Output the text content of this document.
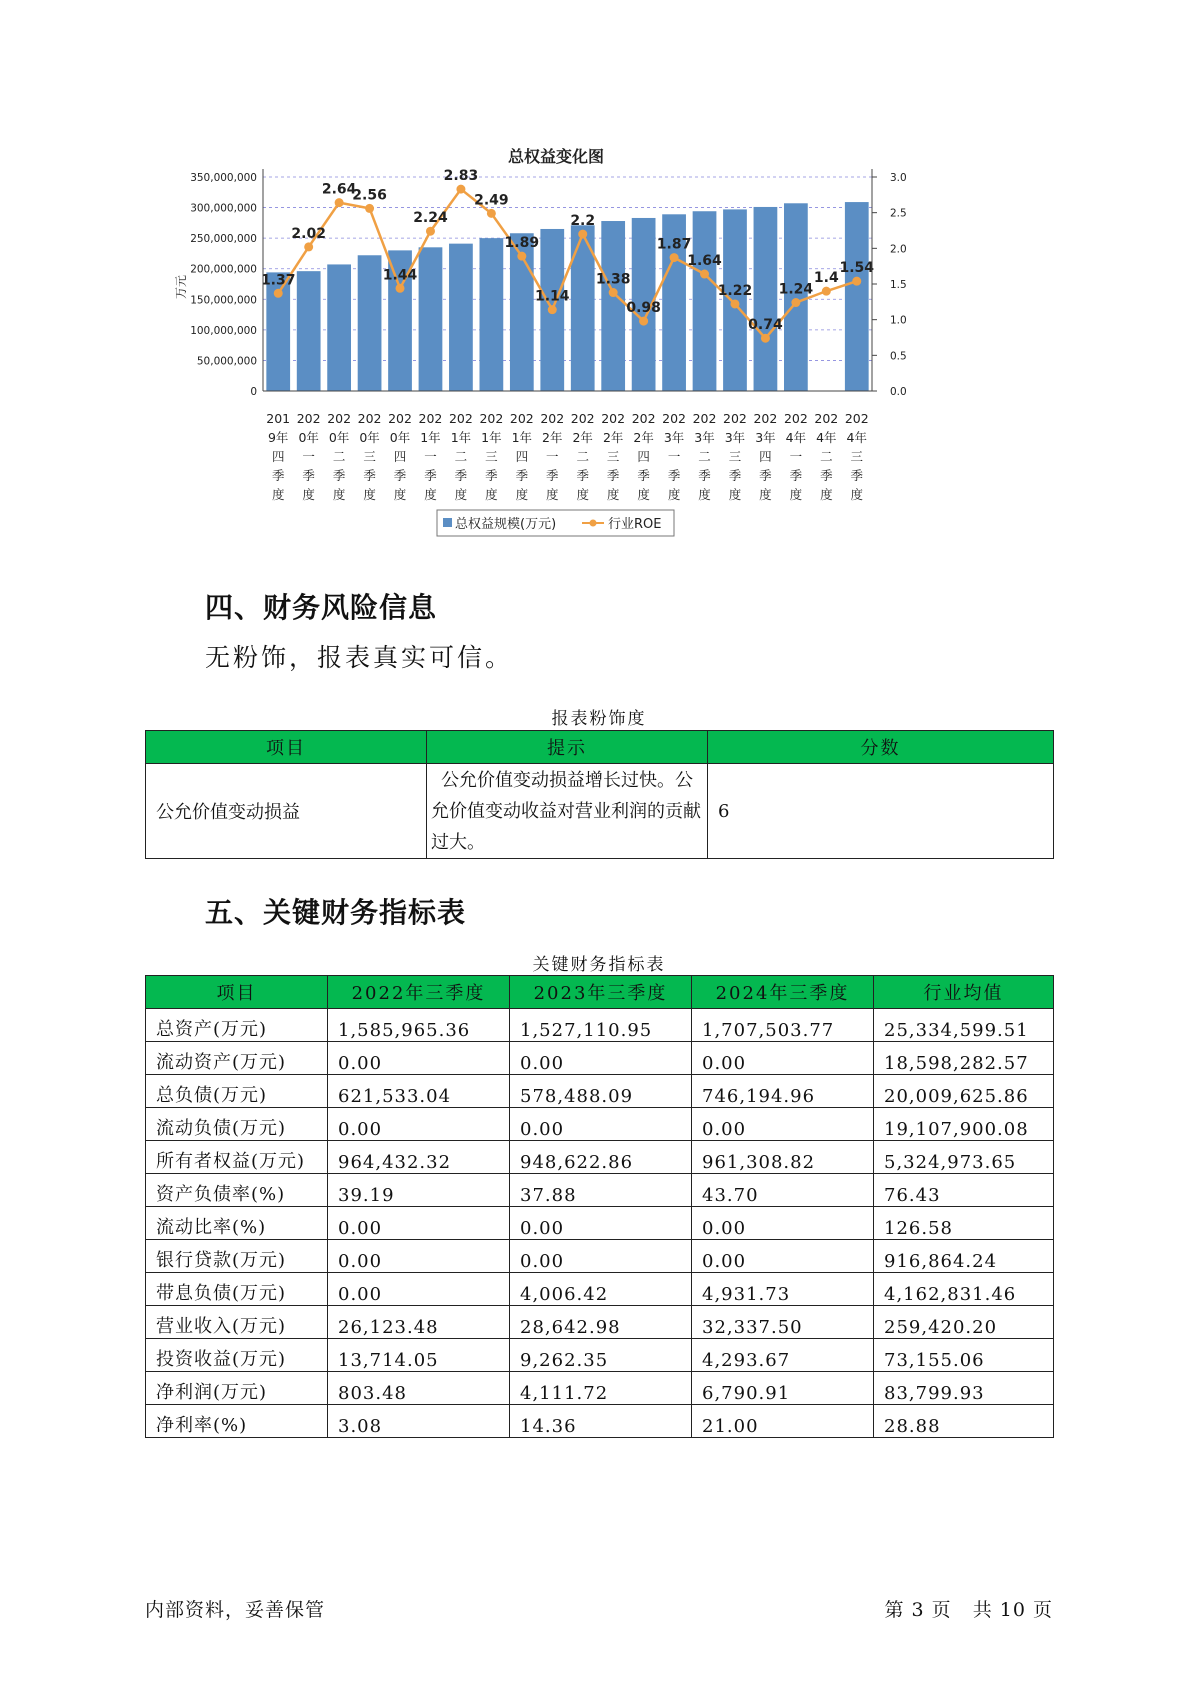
总权益变化图
1.37
2.02
2.64
2.56
1.44
2.24
2.83
2.49
1.89
1.14
2.2
1.38
0.98
1.87
1.64
1.22
0.74
1.24
1.4
1.54
0
50,000,000
100,000,000
150,000,000
200,000,000
250,000,000
300,000,000
350,000,000
0.0
0.5
1.0
1.5
2.0
2.5
3.0
201 9年四季度
202 0年一季度
202 0年二季度
202 0年三季度
202 0年四季度
202 1年一季度
202 1年二季度
202 1年三季度
202 1年四季度
202 2年一季度
202 2年二季度
202 2年三季度
202 2年四季度
202 3年一季度
202 3年二季度
202 3年三季度
202 3年四季度
202 4年一季度
202 4年二季度
202 4年三季度
万元
总权益规模(万元)	行业ROE
四、财务风险信息
无粉饰，报表真实可信。
报表粉饰度
项目	提示	分数
公允价值变动损益	公允价值变动损益增长过快。公允价值变动收益对营业利润的贡献过大。	6
五、关键财务指标表
关键财务指标表
项目	2022年三季度	2023年三季度	2024年三季度	行业均值
总资产(万元)	1,585,965.36	1,527,110.95	1,707,503.77	25,334,599.51
流动资产(万元)	0.00	0.00	0.00	18,598,282.57
总负债(万元)	621,533.04	578,488.09	746,194.96	20,009,625.86
流动负债(万元)	0.00	0.00	0.00	19,107,900.08
所有者权益(万元)	964,432.32	948,622.86	961,308.82	5,324,973.65
资产负债率(%)	39.19	37.88	43.70	76.43
流动比率(%)	0.00	0.00	0.00	126.58
银行贷款(万元)	0.00	0.00	0.00	916,864.24
带息负债(万元)	0.00	4,006.42	4,931.73	4,162,831.46
营业收入(万元)	26,123.48	28,642.98	32,337.50	259,420.20
投资收益(万元)	13,714.05	9,262.35	4,293.67	73,155.06
净利润(万元)	803.48	4,111.72	6,790.91	83,799.93
净利率(%)	3.08	14.36	21.00	28.88
内部资料，妥善保管	第 3 页   共 10 页
